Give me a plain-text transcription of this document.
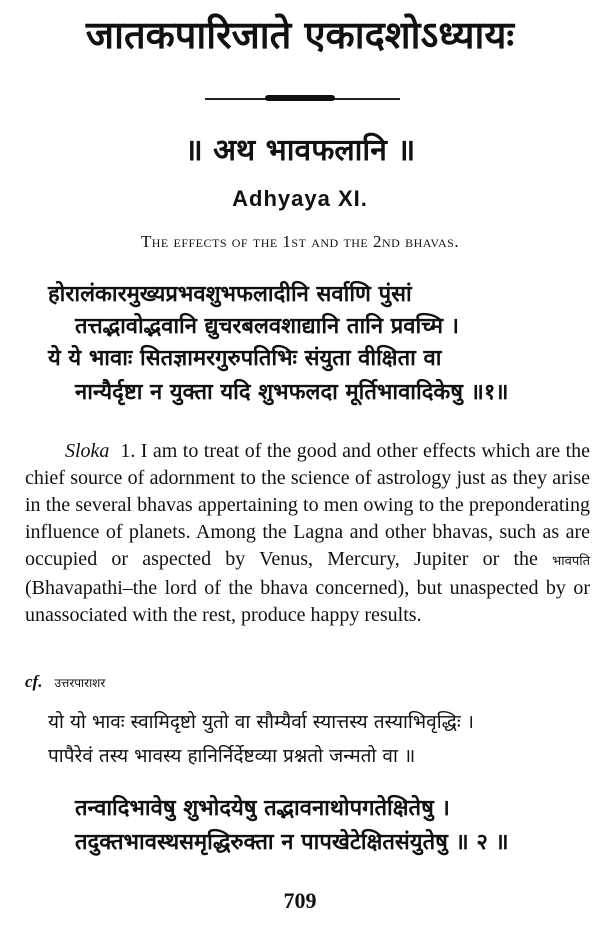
जातकपारिजाते एकादशोऽध्यायः
॥ अथ भावफलानि ॥
Adhyaya XI.
The effects of the 1st and the 2nd bhavas.
होरालंकारमुख्यप्रभवशुभफलादीनि सर्वाणि पुंसां
तत्तद्भावोद्भवानि द्युचरबलवशाद्यानि तानि प्रवच्मि ।
ये ये भावाः सितज्ञामरगुरुपतिभिः संयुता वीक्षिता वा
नान्यैर्दृष्टा न युक्ता यदि शुभफलदा मूर्तिभावादिकेषु ॥१॥
Sloka 1. I am to treat of the good and other effects which are the chief source of adornment to the science of astrology just as they arise in the several bhavas appertaining to men owing to the preponderating influence of planets. Among the Lagna and other bhavas, such as are occupied or aspected by Venus, Mercury, Jupiter or the भावपति (Bhavapathi–the lord of the bhava concerned), but unaspected by or unassociated with the rest, produce happy results.
cf. उत्तरपाराशर
यो यो भावः स्वामिदृष्टो युतो वा सौम्यैर्वा स्यात्तस्य तस्याभिवृद्धिः ।
पापैरेवं तस्य भावस्य हानिर्निर्देष्टव्या प्रश्नतो जन्मतो वा ॥
तन्वादिभावेषु शुभोदयेषु तद्भावनाथोपगतेक्षितेषु ।
तदुक्तभावस्थसमृद्धिरुक्ता न पापखेटेक्षितसंयुतेषु ॥ २ ॥
709
